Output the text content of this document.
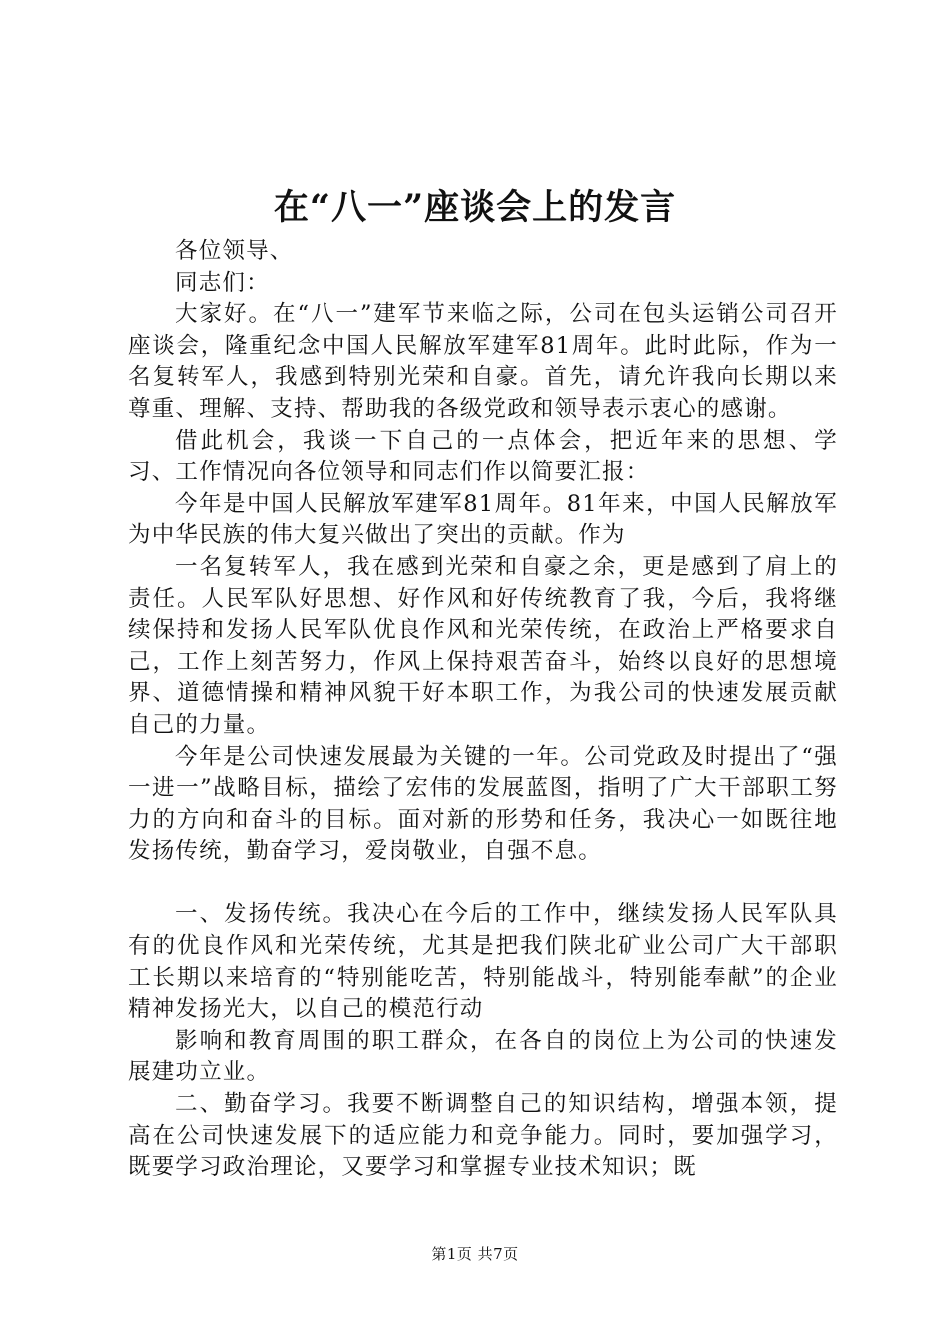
在“八一”座谈会上的发言

各位领导、

同志们：

大家好。在“八一”建军节来临之际，公司在包头运销公司召开座谈会，隆重纪念中国人民解放军建军81周年。此时此际，作为一名复转军人，我感到特别光荣和自豪。首先，请允许我向长期以来尊重、理解、支持、帮助我的各级党政和领导表示衷心的感谢。

借此机会，我谈一下自己的一点体会，把近年来的思想、学习、工作情况向各位领导和同志们作以简要汇报：

今年是中国人民解放军建军81周年。81年来，中国人民解放军为中华民族的伟大复兴做出了突出的贡献。作为

一名复转军人，我在感到光荣和自豪之余，更是感到了肩上的责任。人民军队好思想、好作风和好传统教育了我，今后，我将继续保持和发扬人民军队优良作风和光荣传统，在政治上严格要求自己，工作上刻苦努力，作风上保持艰苦奋斗，始终以良好的思想境界、道德情操和精神风貌干好本职工作，为我公司的快速发展贡献自己的力量。

今年是公司快速发展最为关键的一年。公司党政及时提出了“强一进一”战略目标，描绘了宏伟的发展蓝图，指明了广大干部职工努力的方向和奋斗的目标。面对新的形势和任务，我决心一如既往地发扬传统，勤奋学习，爱岗敬业，自强不息。

一、发扬传统。我决心在今后的工作中，继续发扬人民军队具有的优良作风和光荣传统，尤其是把我们陕北矿业公司广大干部职工长期以来培育的“特别能吃苦，特别能战斗，特别能奉献”的企业精神发扬光大，以自己的模范行动

影响和教育周围的职工群众，在各自的岗位上为公司的快速发展建功立业。

二、勤奋学习。我要不断调整自己的知识结构，增强本领，提高在公司快速发展下的适应能力和竞争能力。同时，要加强学习，既要学习政治理论，又要学习和掌握专业技术知识；既

第1页 共7页
